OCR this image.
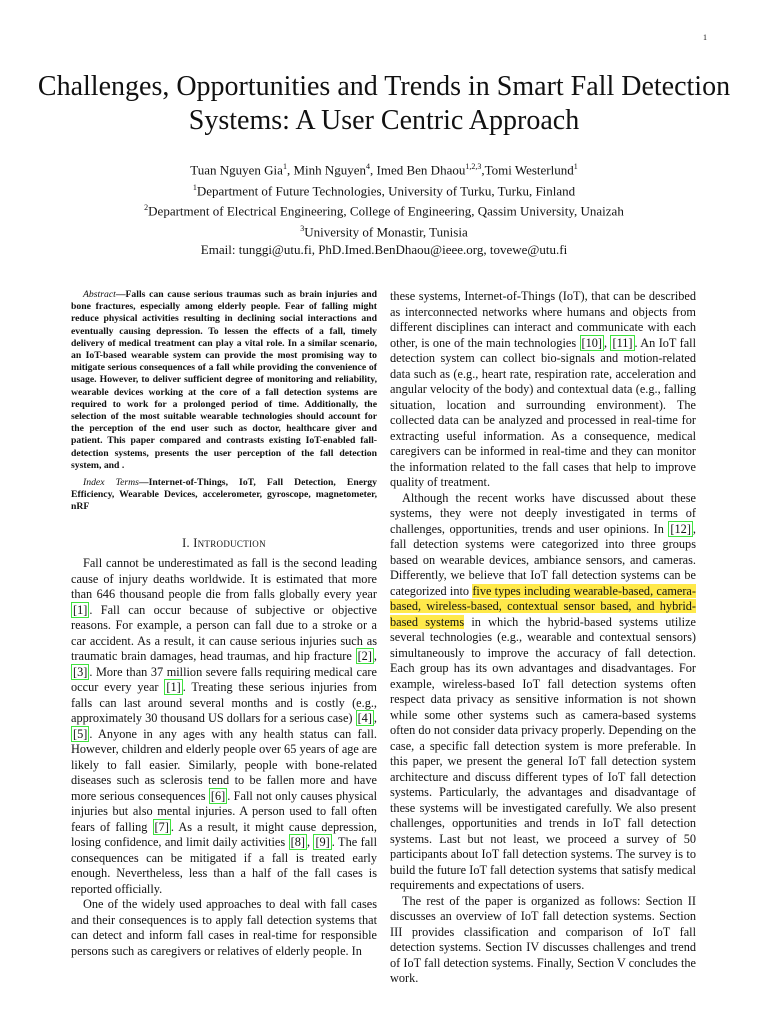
1
Challenges, Opportunities and Trends in Smart Fall Detection Systems: A User Centric Approach
Tuan Nguyen Gia$^1$, Minh Nguyen$^4$, Imed Ben Dhaou$^{1,2,3}$,Tomi Westerlund$^1$
$^1$Department of Future Technologies, University of Turku, Turku, Finland
$^2$Department of Electrical Engineering, College of Engineering, Qassim University, Unaizah
$^3$University of Monastir, Tunisia
Email: tunggi@utu.fi, PhD.Imed.BenDhaou@ieee.org, tovewe@utu.fi

Abstract—Falls can cause serious traumas such as brain injuries and bone fractures, especially among elderly people. Fear of falling might reduce physical activities resulting in declining social interactions and eventually causing depression. To lessen the effects of a fall, timely delivery of medical treatment can play a vital role. In a similar scenario, an IoT-based wearable system can provide the most promising way to mitigate serious consequences of a fall while providing the convenience of usage. However, to deliver sufficient degree of monitoring and reliability, wearable devices working at the core of a fall detection systems are required to work for a prolonged period of time. Additionally, the selection of the most suitable wearable technologies should account for the perception of the end user such as doctor, healthcare giver and patient. This paper compared and contrasts existing IoT-enabled fall-detection systems, presents the user perception of the fall detection system, and .

Index Terms—Internet-of-Things, IoT, Fall Detection, Energy Efficiency, Wearable Devices, accelerometer, gyroscope, magnetometer, nRF

I. Introduction

Fall cannot be underestimated as fall is the second leading cause of injury deaths worldwide. It is estimated that more than 646 thousand people die from falls globally every year [1] . Fall can occur because of subjective or objective reasons. For example, a person can fall due to a stroke or a car accident. As a result, it can cause serious injuries such as traumatic brain damages, head traumas, and hip fracture [2] , [3] . More than 37 million severe falls requiring medical care occur every year [1] . Treating these serious injuries from falls can last around several months and is costly (e.g., approximately 30 thousand US dollars for a serious case) [4] , [5] . Anyone in any ages with any health status can fall. However, children and elderly people over 65 years of age are likely to fall easier. Similarly, people with bone-related diseases such as sclerosis tend to be fallen more and have more serious consequences [6] . Fall not only causes physical injuries but also mental injuries. A person used to fall often fears of falling [7] . As a result, it might cause depression, losing confidence, and limit daily activities [8] , [9] . The fall consequences can be mitigated if a fall is treated early enough. Nevertheless, less than a half of the fall cases is reported officially.

One of the widely used approaches to deal with fall cases and their consequences is to apply fall detection systems that can detect and inform fall cases in real-time for responsible persons such as caregivers or relatives of elderly people. In

these systems, Internet-of-Things (IoT), that can be described as interconnected networks where humans and objects from different disciplines can interact and communicate with each other, is one of the main technologies [10] , [11] . An IoT fall detection system can collect bio-signals and motion-related data such as (e.g., heart rate, respiration rate, acceleration and angular velocity of the body) and contextual data (e.g., falling situation, location and surrounding environment). The collected data can be analyzed and processed in real-time for extracting useful information. As a consequence, medical caregivers can be informed in real-time and they can monitor the information related to the fall cases that help to improve quality of treatment.

Although the recent works have discussed about these systems, they were not deeply investigated in terms of challenges, opportunities, trends and user opinions. In [12] , fall detection systems were categorized into three groups based on wearable devices, ambiance sensors, and cameras. Differently, we believe that IoT fall detection systems can be categorized into five types including wearable-based, camera-based, wireless-based, contextual sensor based, and hybrid-based systems in which the hybrid-based systems utilize several technologies (e.g., wearable and contextual sensors) simultaneously to improve the accuracy of fall detection. Each group has its own advantages and disadvantages. For example, wireless-based IoT fall detection systems often respect data privacy as sensitive information is not shown while some other systems such as camera-based systems often do not consider data privacy properly. Depending on the case, a specific fall detection system is more preferable. In this paper, we present the general IoT fall detection system architecture and discuss different types of IoT fall detection systems. Particularly, the advantages and disadvantage of these systems will be investigated carefully. We also present challenges, opportunities and trends in IoT fall detection systems. Last but not least, we proceed a survey of 50 participants about IoT fall detection systems. The survey is to build the future IoT fall detection systems that satisfy medical requirements and expectations of users.

The rest of the paper is organized as follows: Section II discusses an overview of IoT fall detection systems. Section III provides classification and comparison of IoT fall detection systems. Section IV discusses challenges and trend of IoT fall detection systems. Finally, Section V concludes the work.
